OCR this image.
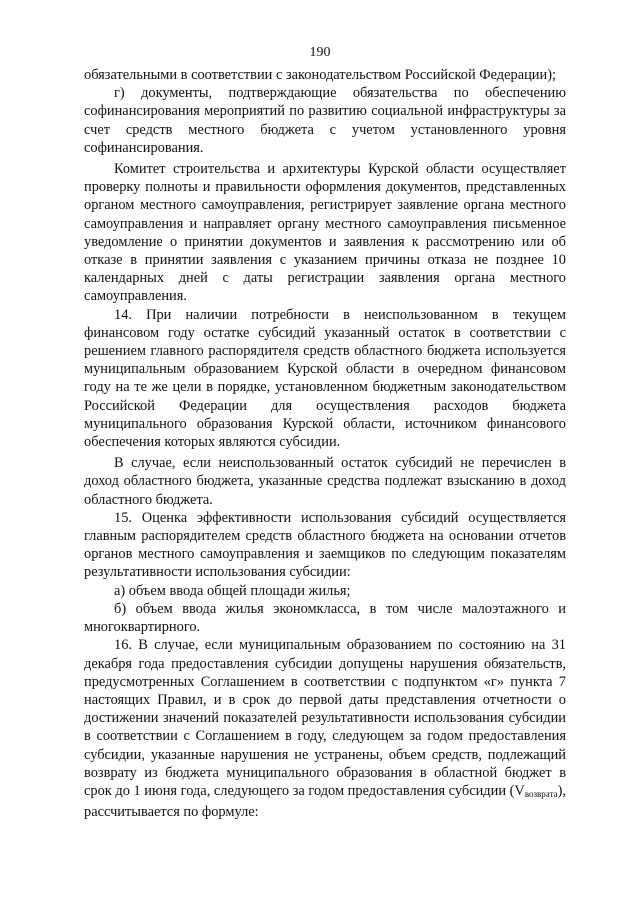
190

обязательными в соответствии с законодательством Российской Федерации);

г) документы, подтверждающие обязательства по обеспечению софинансирования мероприятий по развитию социальной инфраструктуры за счет средств местного бюджета с учетом установленного уровня софинансирования.

Комитет строительства и архитектуры Курской области осуществляет проверку полноты и правильности оформления документов, представленных органом местного самоуправления, регистрирует заявление органа местного самоуправления и направляет органу местного самоуправления письменное уведомление о принятии документов и заявления к рассмотрению или об отказе в принятии заявления с указанием причины отказа не позднее 10 календарных дней с даты регистрации заявления органа местного самоуправления.

14. При наличии потребности в неиспользованном в текущем финансовом году остатке субсидий указанный остаток в соответствии с решением главного распорядителя средств областного бюджета используется муниципальным образованием Курской области в очередном финансовом году на те же цели в порядке, установленном бюджетным законодательством Российской Федерации для осуществления расходов бюджета муниципального образования Курской области, источником финансового обеспечения которых являются субсидии.

В случае, если неиспользованный остаток субсидий не перечислен в доход областного бюджета, указанные средства подлежат взысканию в доход областного бюджета.

15. Оценка эффективности использования субсидий осуществляется главным распорядителем средств областного бюджета на основании отчетов органов местного самоуправления и заемщиков по следующим показателям результативности использования субсидии:

а) объем ввода общей площади жилья;

б) объем ввода жилья экономкласса, в том числе малоэтажного и многоквартирного.

16. В случае, если муниципальным образованием по состоянию на 31 декабря года предоставления субсидии допущены нарушения обязательств, предусмотренных Соглашением в соответствии с подпунктом «г» пункта 7 настоящих Правил, и в срок до первой даты представления отчетности о достижении значений показателей результативности использования субсидии в соответствии с Соглашением в году, следующем за годом предоставления субсидии, указанные нарушения не устранены, объем средств, подлежащий возврату из бюджета муниципального образования в областной бюджет в срок до 1 июня года, следующего за годом предоставления субсидии $(V_{возврата})$, рассчитывается по формуле:
